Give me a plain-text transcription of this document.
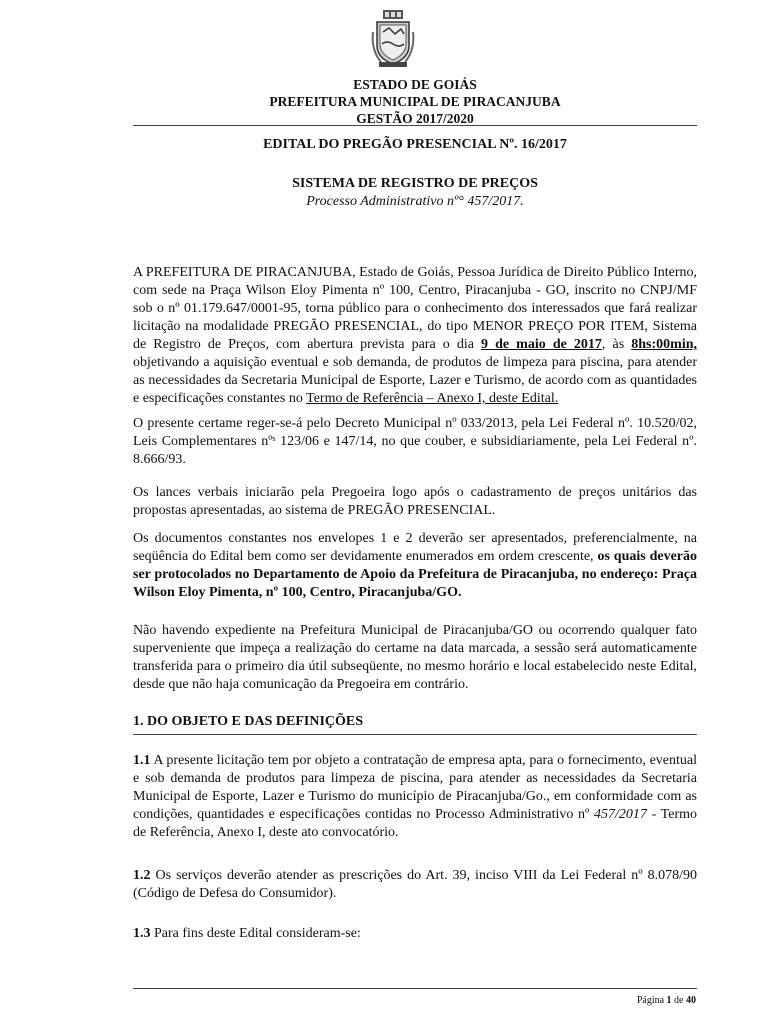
ESTADO DE GOIÁS
PREFEITURA MUNICIPAL DE PIRACANJUBA
GESTÃO 2017/2020
EDITAL DO PREGÃO PRESENCIAL Nº. 16/2017
SISTEMA DE REGISTRO DE PREÇOS
Processo Administrativo nº° 457/2017.
A PREFEITURA DE PIRACANJUBA, Estado de Goiás, Pessoa Jurídica de Direito Público Interno, com sede na Praça Wilson Eloy Pimenta nº 100, Centro, Piracanjuba - GO, inscrito no CNPJ/MF sob o nº 01.179.647/0001-95, torna público para o conhecimento dos interessados que fará realizar licitação na modalidade PREGÃO PRESENCIAL, do tipo MENOR PREÇO POR ITEM, Sistema de Registro de Preços, com abertura prevista para o dia 9 de maio de 2017, às 8hs:00min, objetivando a aquisição eventual e sob demanda, de produtos de limpeza para piscina, para atender as necessidades da Secretaria Municipal de Esporte, Lazer e Turismo, de acordo com as quantidades e especificações constantes no Termo de Referência – Anexo I, deste Edital.
O presente certame reger-se-á pelo Decreto Municipal nº 033/2013, pela Lei Federal nº. 10.520/02, Leis Complementares nºˢ 123/06 e 147/14, no que couber, e subsidiariamente, pela Lei Federal nº. 8.666/93.
Os lances verbais iniciarão pela Pregoeira logo após o cadastramento de preços unitários das propostas apresentadas, ao sistema de PREGÃO PRESENCIAL.
Os documentos constantes nos envelopes 1 e 2 deverão ser apresentados, preferencialmente, na seqüência do Edital bem como ser devidamente enumerados em ordem crescente, os quais deverão ser protocolados no Departamento de Apoio da Prefeitura de Piracanjuba, no endereço: Praça Wilson Eloy Pimenta, nº 100, Centro, Piracanjuba/GO.
Não havendo expediente na Prefeitura Municipal de Piracanjuba/GO ou ocorrendo qualquer fato superveniente que impeça a realização do certame na data marcada, a sessão será automaticamente transferida para o primeiro dia útil subseqüente, no mesmo horário e local estabelecido neste Edital, desde que não haja comunicação da Pregoeira em contrário.
1. DO OBJETO E DAS DEFINIÇÕES
1.1 A presente licitação tem por objeto a contratação de empresa apta, para o fornecimento, eventual e sob demanda de produtos para limpeza de piscina, para atender as necessidades da Secretaria Municipal de Esporte, Lazer e Turismo do município de Piracanjuba/Go., em conformidade com as condições, quantidades e especificações contidas no Processo Administrativo nº 457/2017 - Termo de Referência, Anexo I, deste ato convocatório.
1.2 Os serviços deverão atender as prescrições do Art. 39, inciso VIII da Lei Federal nº 8.078/90 (Código de Defesa do Consumidor).
1.3 Para fins deste Edital consideram-se:
Página 1 de 40
